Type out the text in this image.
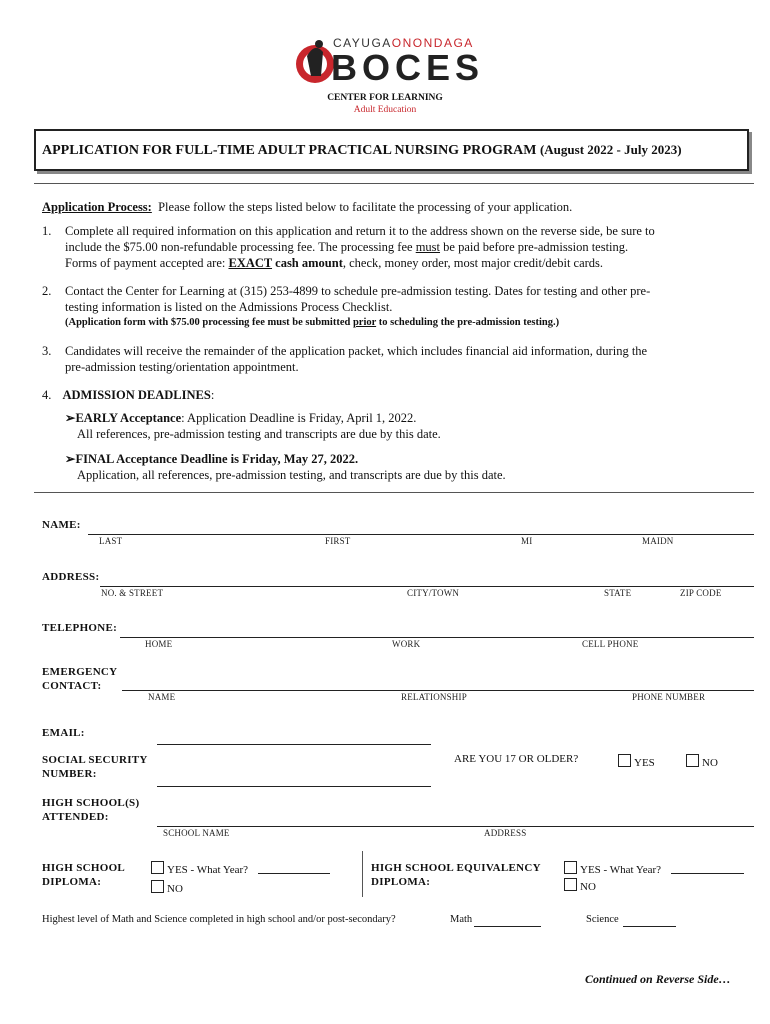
CAYUGAONONDAGA
BOCES
CENTER FOR LEARNING
Adult Education
APPLICATION FOR FULL-TIME ADULT PRACTICAL NURSING PROGRAM (August 2022 - July 2023)
Application Process: Please follow the steps listed below to facilitate the processing of your application.
1. Complete all required information on this application and return it to the address shown on the reverse side, be sure to
include the $75.00 non-refundable processing fee. The processing fee must be paid before pre-admission testing.
Forms of payment accepted are: EXACT cash amount, check, money order, most major credit/debit cards.
2. Contact the Center for Learning at (315) 253-4899 to schedule pre-admission testing. Dates for testing and other pre-
testing information is listed on the Admissions Process Checklist.
(Application form with $75.00 processing fee must be submitted prior to scheduling the pre-admission testing.)
3. Candidates will receive the remainder of the application packet, which includes financial aid information, during the
pre-admission testing/orientation appointment.
4. ADMISSION DEADLINES:
➢EARLY Acceptance: Application Deadline is Friday, April 1, 2022.
All references, pre-admission testing and transcripts are due by this date.
➢FINAL Acceptance Deadline is Friday, May 27, 2022.
Application, all references, pre-admission testing, and transcripts are due by this date.
NAME:
LAST	FIRST	MI	MAIDN
ADDRESS:
NO. & STREET	CITY/TOWN	STATE	ZIP CODE
TELEPHONE:
HOME	WORK	CELL PHONE
EMERGENCY
CONTACT:
NAME	RELATIONSHIP	PHONE NUMBER
EMAIL:
SOCIAL SECURITY
NUMBER:
ARE YOU 17 OR OLDER?	YES	NO
HIGH SCHOOL(S)
ATTENDED:
SCHOOL NAME	ADDRESS
HIGH SCHOOL
DIPLOMA:
YES - What Year?
NO
HIGH SCHOOL EQUIVALENCY
DIPLOMA:
YES - What Year?
NO
Highest level of Math and Science completed in high school and/or post-secondary?	Math	Science
Continued on Reverse Side…
